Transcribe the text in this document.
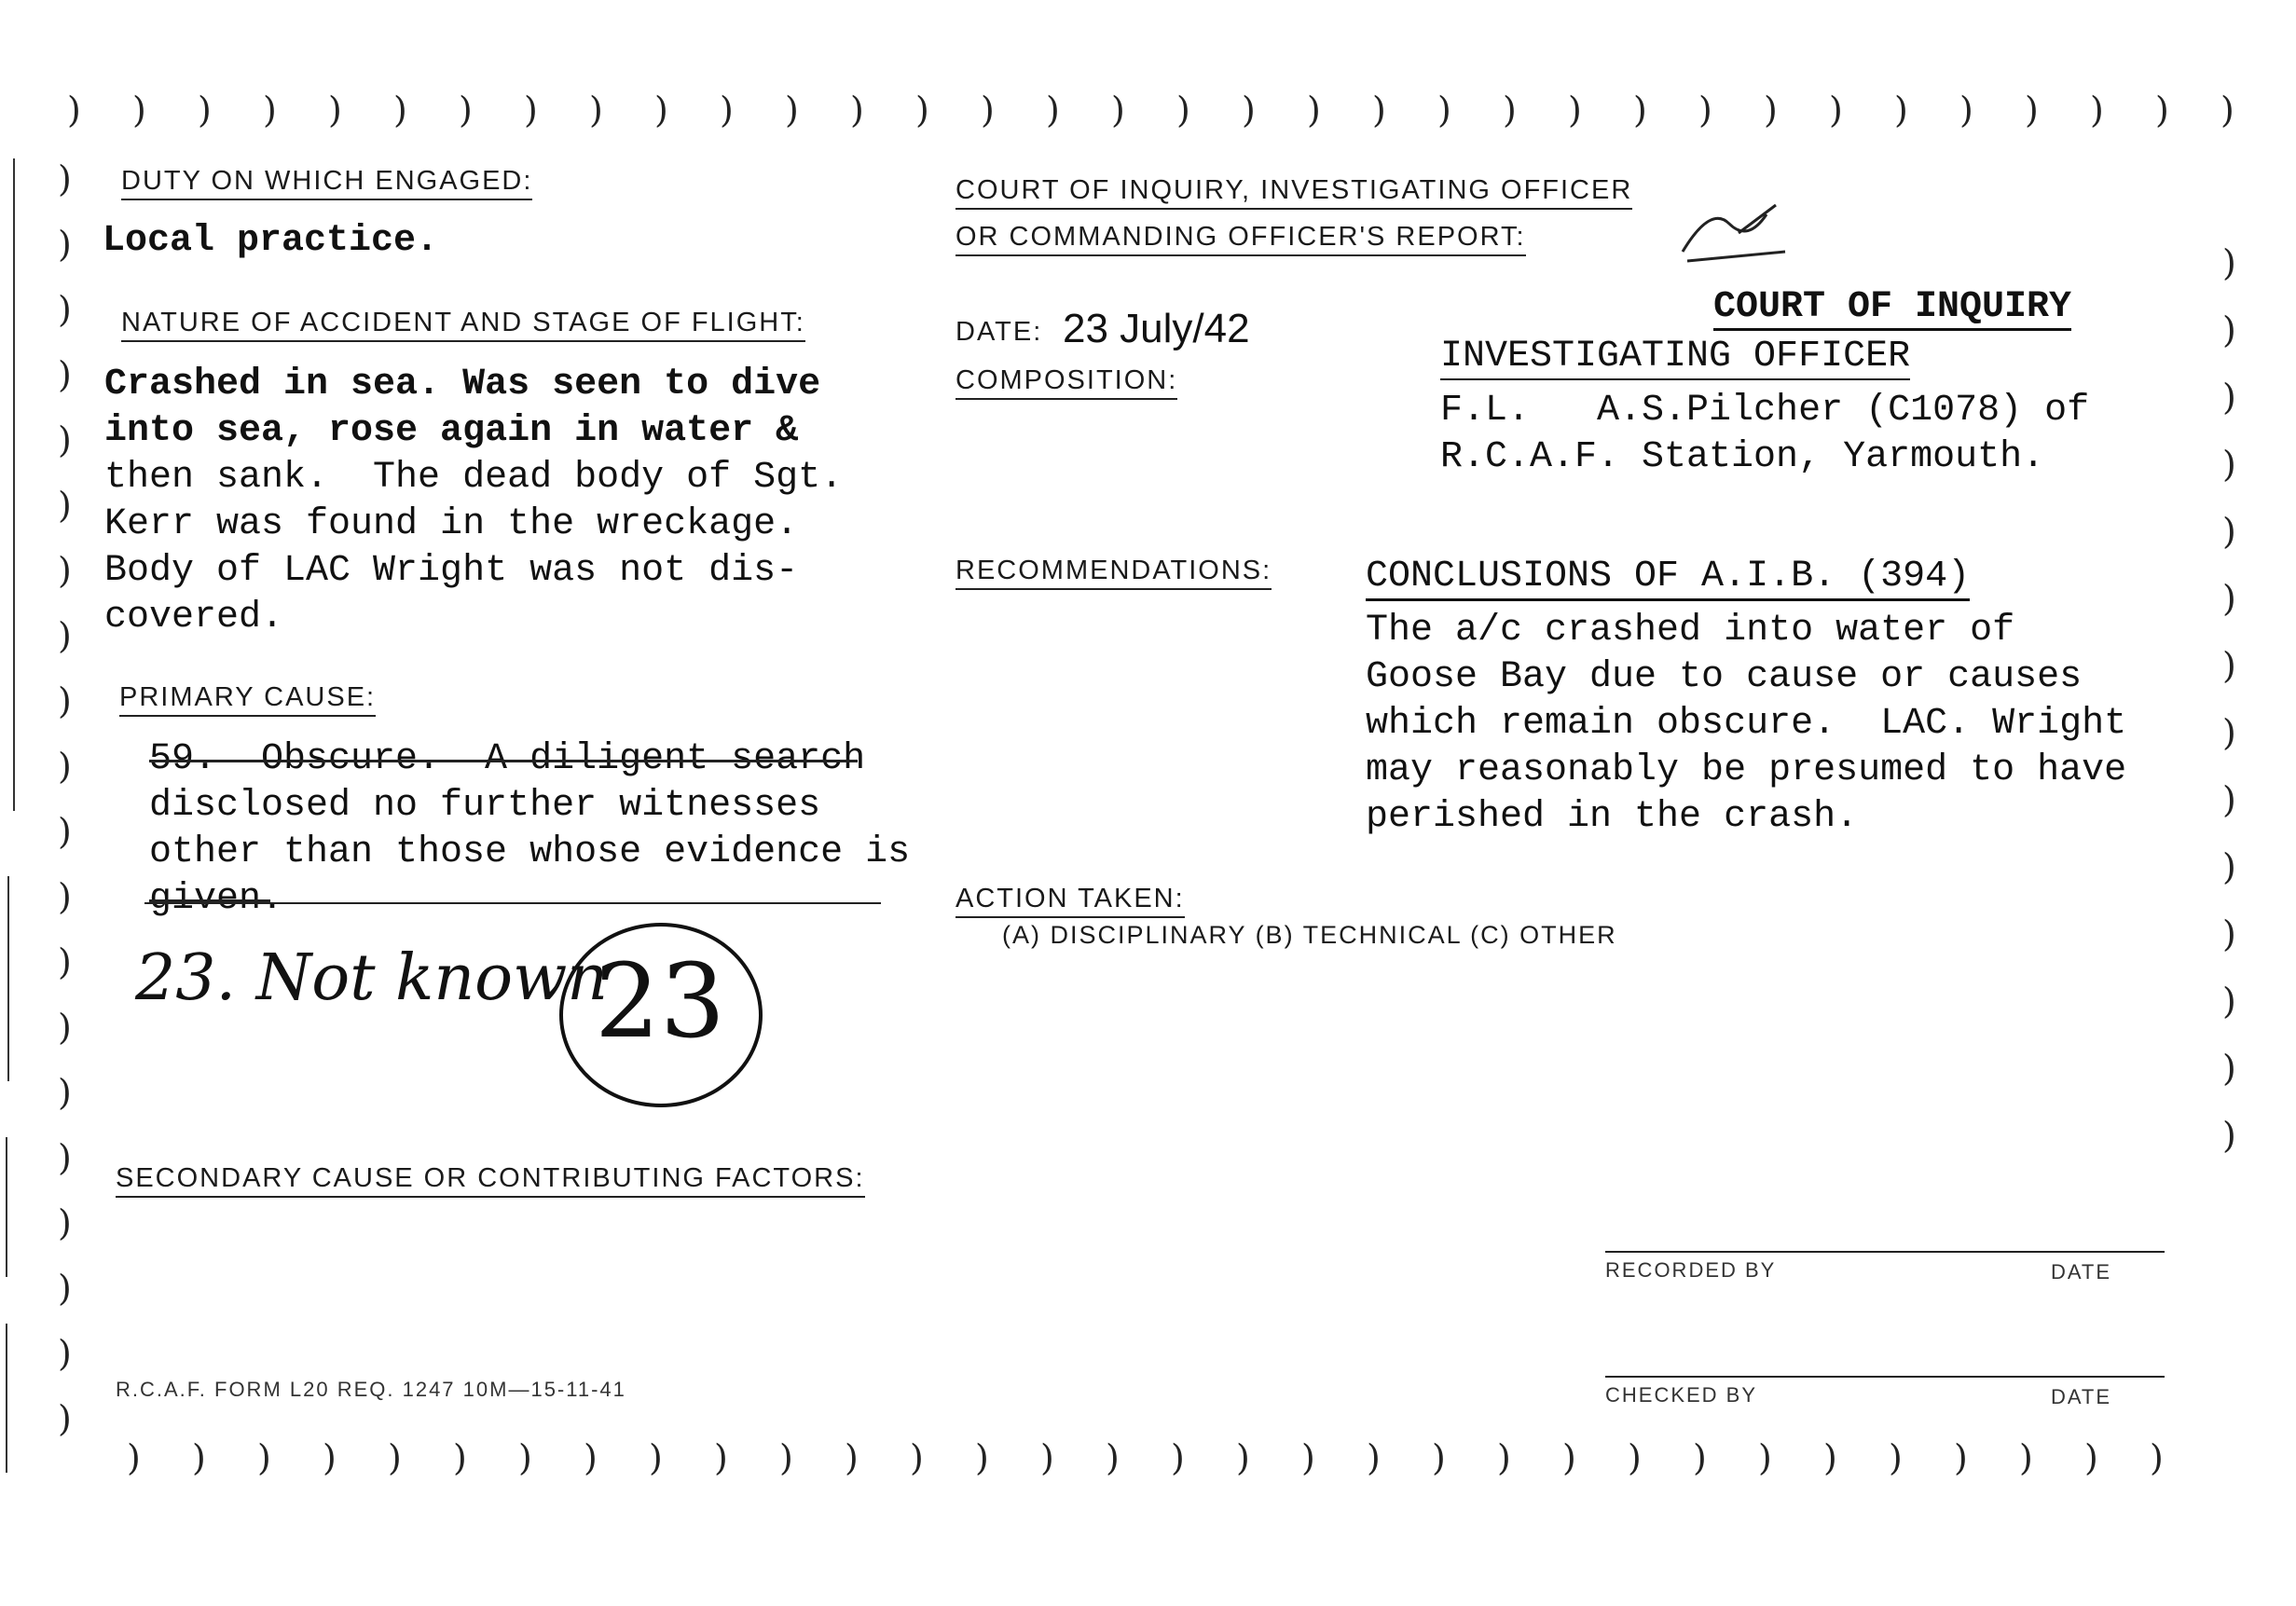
) ) ) ) ) ) ) ) ) ) ) ) ) ) ) ) ) ) ) ) ) ) ) ) ) ) ) ) ) ) ) ) ) )
) ) ) ) ) ) ) ) ) ) ) ) ) ) ) ) ) ) ) ) ) ) ) ) ) ) ) ) ) ) ) )
)
)
)
)
)
)
)
)
)
)
)
)
)
)
)
)
)
)
)
)
)
)
)
)
)
)
)
)
)
)
)
)
)
)
DUTY ON WHICH ENGAGED:
Local practice.
NATURE OF ACCIDENT AND STAGE OF FLIGHT:
Crashed in sea. Was seen to dive
into sea, rose again in water &
then sank.  The dead body of Sgt.
Kerr was found in the wreckage.
Body of LAC Wright was not dis-
covered.
PRIMARY CAUSE:
59.  Obscure.  A diligent search
disclosed no further witnesses
other than those whose evidence is
given.
23. Not known
23
SECONDARY CAUSE OR CONTRIBUTING FACTORS:
R.C.A.F. FORM L20 REQ. 1247 10M—15-11-41
COURT OF INQUIRY, INVESTIGATING OFFICER
OR COMMANDING OFFICER'S REPORT:
DATE: 23 July/42
COMPOSITION:
COURT OF INQUIRY
INVESTIGATING OFFICER
F.L.   A.S.Pilcher (C1078) of
R.C.A.F. Station, Yarmouth.
RECOMMENDATIONS:	CONCLUSIONS OF A.I.B. (394)
The a/c crashed into water of
Goose Bay due to cause or causes
which remain obscure.  LAC. Wright
may reasonably be presumed to have
perished in the crash.
ACTION TAKEN:
(A) DISCIPLINARY (B) TECHNICAL (C) OTHER
RECORDED BY	DATE
CHECKED BY	DATE
